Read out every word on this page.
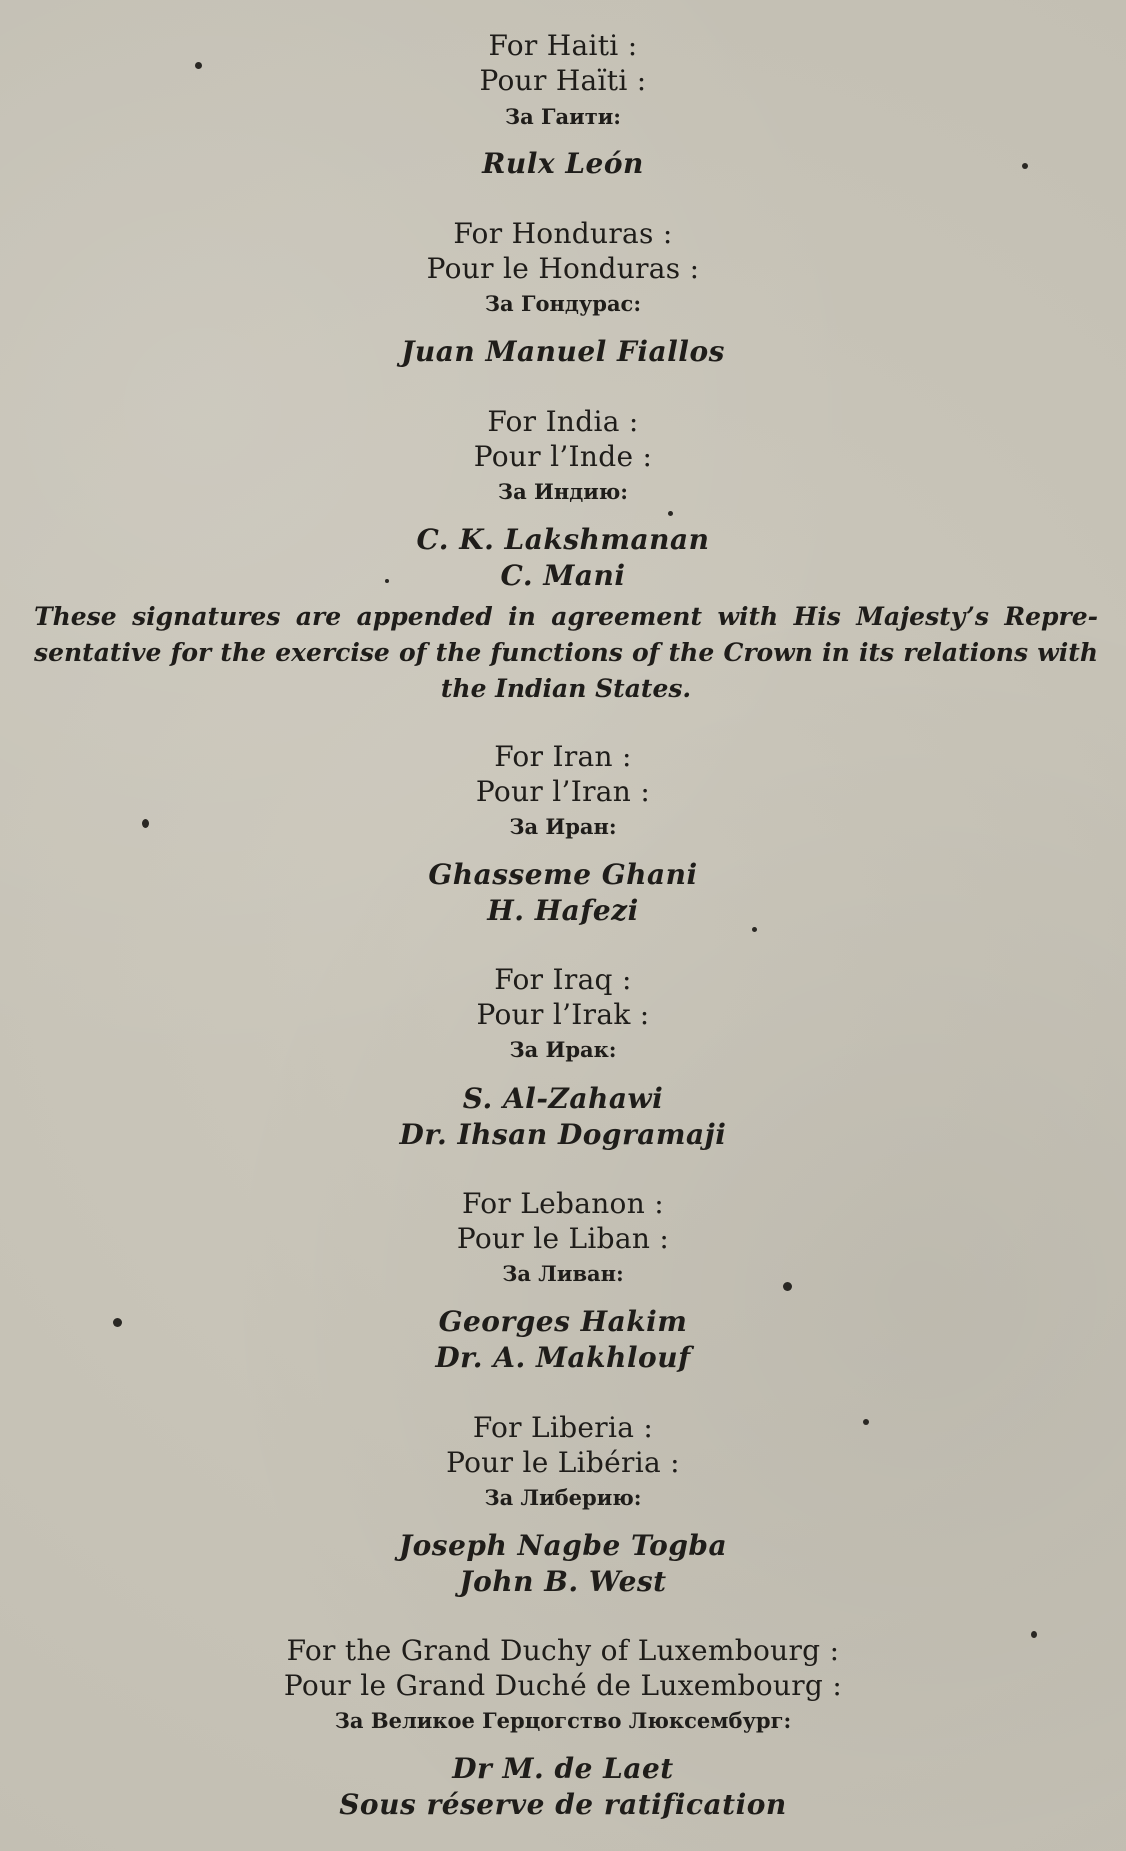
For Haiti :
Pour Haïti :
За Гаити:
Rulx León
For Honduras :
Pour le Honduras :
За Гондурас:
Juan Manuel Fiallos
For India :
Pour l’Inde :
За Индию:
C. K. Lakshmanan
C. Mani
These signatures are appended in agreement with His Majesty’s Repre-sentative for the exercise of the functions of the Crown in its relations with the Indian States.
For Iran :
Pour l’Iran :
За Иран:
Ghasseme Ghani
H. Hafezi
For Iraq :
Pour l’Irak :
За Ирак:
S. Al-Zahawi
Dr. Ihsan Dogramaji
For Lebanon :
Pour le Liban :
За Ливан:
Georges Hakim
Dr. A. Makhlouf
For Liberia :
Pour le Libéria :
За Либерию:
Joseph Nagbe Togba
John B. West
For the Grand Duchy of Luxembourg :
Pour le Grand Duché de Luxembourg :
За Великое Герцогство Люксембург:
Dr M. de Laet
Sous réserve de ratification
